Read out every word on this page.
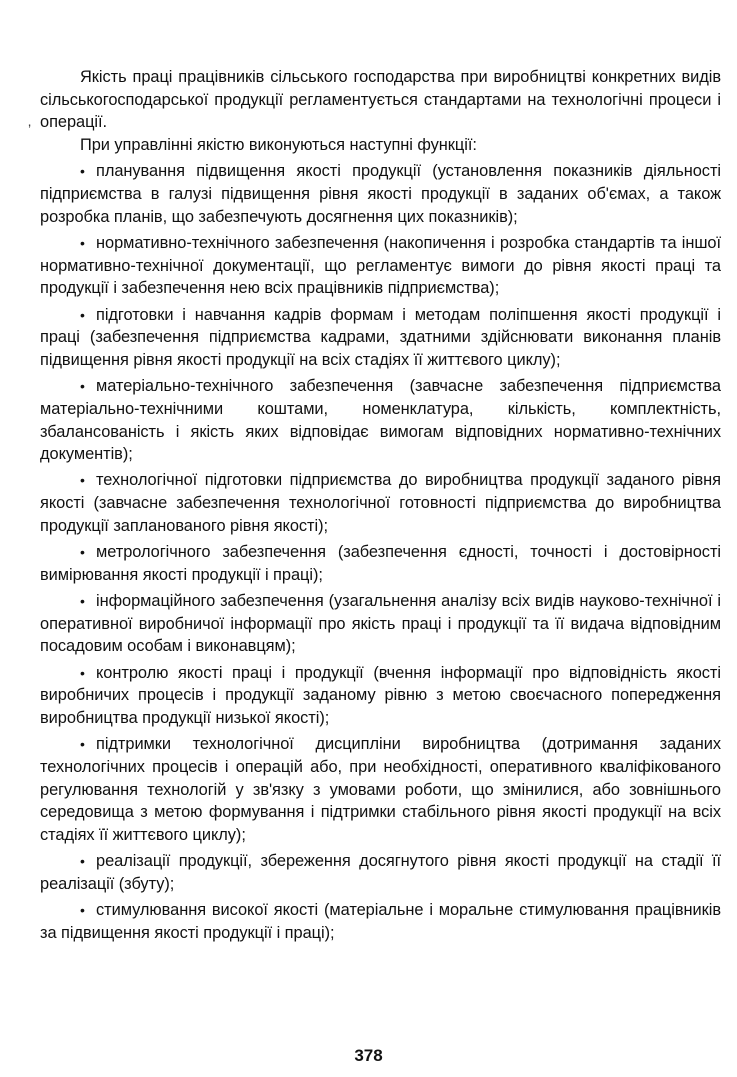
’

Якість праці працівників сільського господарства при виробництві конкретних видів сільськогосподарської продукції регламентується стандартами на технологічні процеси і операції.

При управлінні якістю виконуються наступні функції:

• планування підвищення якості продукції (установлення показників діяльності підприємства в галузі підвищення рівня якості продукції в заданих об'ємах, а також розробка планів, що забезпечують досягнення цих показників);

• нормативно-технічного забезпечення (накопичення і розробка стандартів та іншої нормативно-технічної документації, що регламентує вимоги до рівня якості праці та продукції і забезпечення нею всіх працівників підприємства);

• підготовки і навчання кадрів формам і методам поліпшення якості продукції і праці (забезпечення підприємства кадрами, здатними здійснювати виконання планів підвищення рівня якості продукції на всіх стадіях її життєвого циклу);

• матеріально-технічного забезпечення (завчасне забезпечення підприємства матеріально-технічними коштами, номенклатура, кількість, комплектність, збалансованість і якість яких відповідає вимогам відповідних нормативно-технічних документів);

• технологічної підготовки підприємства до виробництва продукції заданого рівня якості (завчасне забезпечення технологічної готовності підприємства до виробництва продукції запланованого рівня якості);

• метрологічного забезпечення (забезпечення єдності, точності і достовірності вимірювання якості продукції і праці);

• інформаційного забезпечення (узагальнення аналізу всіх видів науково-технічної і оперативної виробничої інформації про якість праці і продукції та її видача відповідним посадовим особам і виконавцям);

• контролю якості праці і продукції (вчення інформації про відповідність якості виробничих процесів і продукції заданому рівню з метою своєчасного попередження виробництва продукції низької якості);

• підтримки технологічної дисципліни виробництва (дотримання заданих технологічних процесів і операцій або, при необхідності, оперативного кваліфікованого регулювання технологій у зв'язку з умовами роботи, що змінилися, або зовнішнього середовища з метою формування і підтримки стабільного рівня якості продукції на всіх стадіях її життєвого циклу);

• реалізації продукції, збереження досягнутого рівня якості продукції на стадії її реалізації (збуту);

• стимулювання високої якості (матеріальне і моральне стимулювання працівників за підвищення якості продукції і праці);

378
